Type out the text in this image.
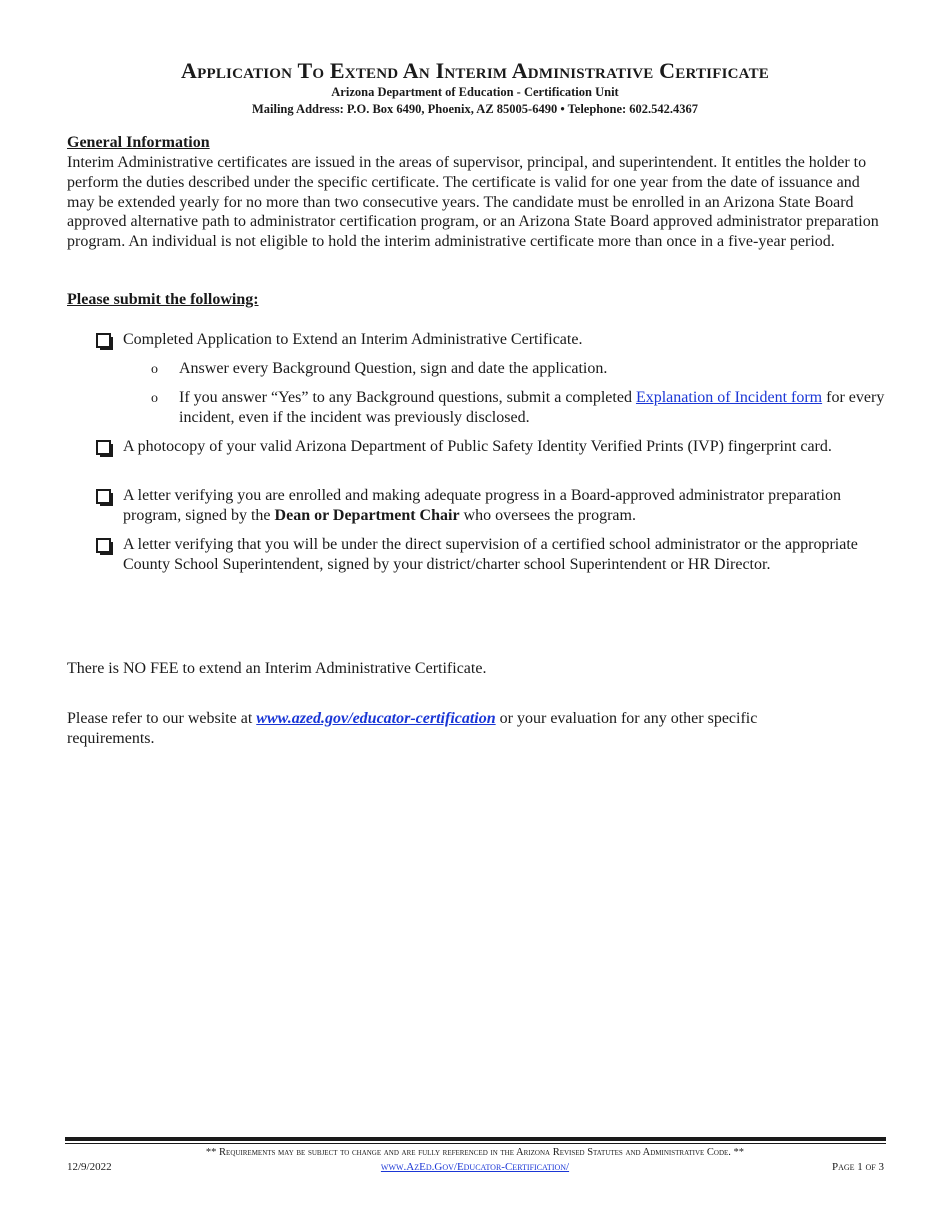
Application To Extend An Interim Administrative Certificate
Arizona Department of Education - Certification Unit
Mailing Address: P.O. Box 6490, Phoenix, AZ 85005-6490 • Telephone: 602.542.4367
General Information

Interim Administrative certificates are issued in the areas of supervisor, principal, and superintendent. It entitles the holder to perform the duties described under the specific certificate. The certificate is valid for one year from the date of issuance and may be extended yearly for no more than two consecutive years. The candidate must be enrolled in an Arizona State Board approved alternative path to administrator certification program, or an Arizona State Board approved administrator preparation program. An individual is not eligible to hold the interim administrative certificate more than once in a five-year period.

Please submit the following:

Completed Application to Extend an Interim Administrative Certificate.

o Answer every Background Question, sign and date the application.

o If you answer “Yes” to any Background questions, submit a completed Explanation of Incident form for every incident, even if the incident was previously disclosed.

A photocopy of your valid Arizona Department of Public Safety Identity Verified Prints (IVP) fingerprint card.

A letter verifying you are enrolled and making adequate progress in a Board-approved administrator preparation program, signed by the Dean or Department Chair who oversees the program.

A letter verifying that you will be under the direct supervision of a certified school administrator or the appropriate County School Superintendent, signed by your district/charter school Superintendent or HR Director.

There is NO FEE to extend an Interim Administrative Certificate.

Please refer to our website at www.azed.gov/educator-certification or your evaluation for any other specific requirements.

** Requirements may be subject to change and are fully referenced in the Arizona Revised Statutes and Administrative Code. **
12/9/2022	www.AzEd.Gov/Educator-Certification/	Page 1 of 3
